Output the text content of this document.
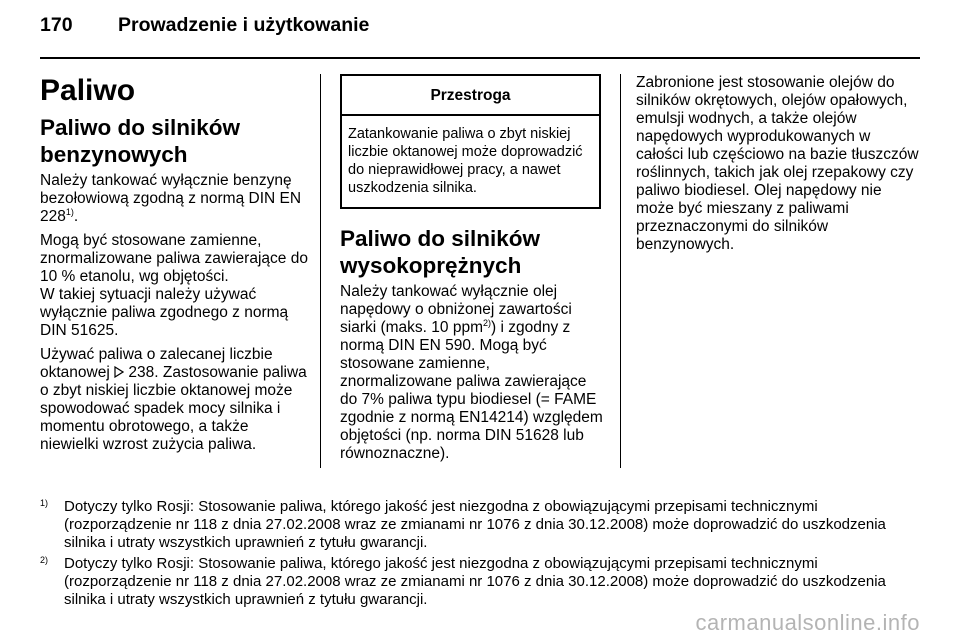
170 Prowadzenie i użytkowanie
Paliwo
Paliwo do silników benzynowych

Należy tankować wyłącznie benzynę bezołowiową zgodną z normą DIN EN 228$^{1)}$.

Mogą być stosowane zamienne, znormalizowane paliwa zawierające do 10 % etanolu, wg objętości.
W takiej sytuacji należy używać wyłącznie paliwa zgodnego z normą DIN 51625.

Używać paliwa o zalecanej liczbie oktanowej 238. Zastosowanie paliwa o zbyt niskiej liczbie oktanowej może spowodować spadek mocy silnika i momentu obrotowego, a także niewielki wzrost zużycia paliwa.

Przestroga
Zatankowanie paliwa o zbyt niskiej liczbie oktanowej może doprowadzić do nieprawidłowej pracy, a nawet uszkodzenia silnika.
Paliwo do silników wysokoprężnych

Należy tankować wyłącznie olej napędowy o obniżonej zawartości siarki (maks. 10 ppm$^{2)}$) i zgodny z normą DIN EN 590. Mogą być stosowane zamienne, znormalizowane paliwa zawierające do 7% paliwa typu biodiesel (= FAME zgodnie z normą EN14214) względem objętości (np. norma DIN 51628 lub równoznaczne).

Zabronione jest stosowanie olejów do silników okrętowych, olejów opałowych, emulsji wodnych, a także olejów napędowych wyprodukowanych w całości lub częściowo na bazie tłuszczów roślinnych, takich jak olej rzepakowy czy paliwo biodiesel. Olej napędowy nie może być mieszany z paliwami przeznaczonymi do silników benzynowych.

1) Dotyczy tylko Rosji: Stosowanie paliwa, którego jakość jest niezgodna z obowiązującymi przepisami technicznymi (rozporządzenie nr 118 z dnia 27.02.2008 wraz ze zmianami nr 1076 z dnia 30.12.2008) może doprowadzić do uszkodzenia silnika i utraty wszystkich uprawnień z tytułu gwarancji.
2) Dotyczy tylko Rosji: Stosowanie paliwa, którego jakość jest niezgodna z obowiązującymi przepisami technicznymi (rozporządzenie nr 118 z dnia 27.02.2008 wraz ze zmianami nr 1076 z dnia 30.12.2008) może doprowadzić do uszkodzenia silnika i utraty wszystkich uprawnień z tytułu gwarancji.
carmanualsonline.info
